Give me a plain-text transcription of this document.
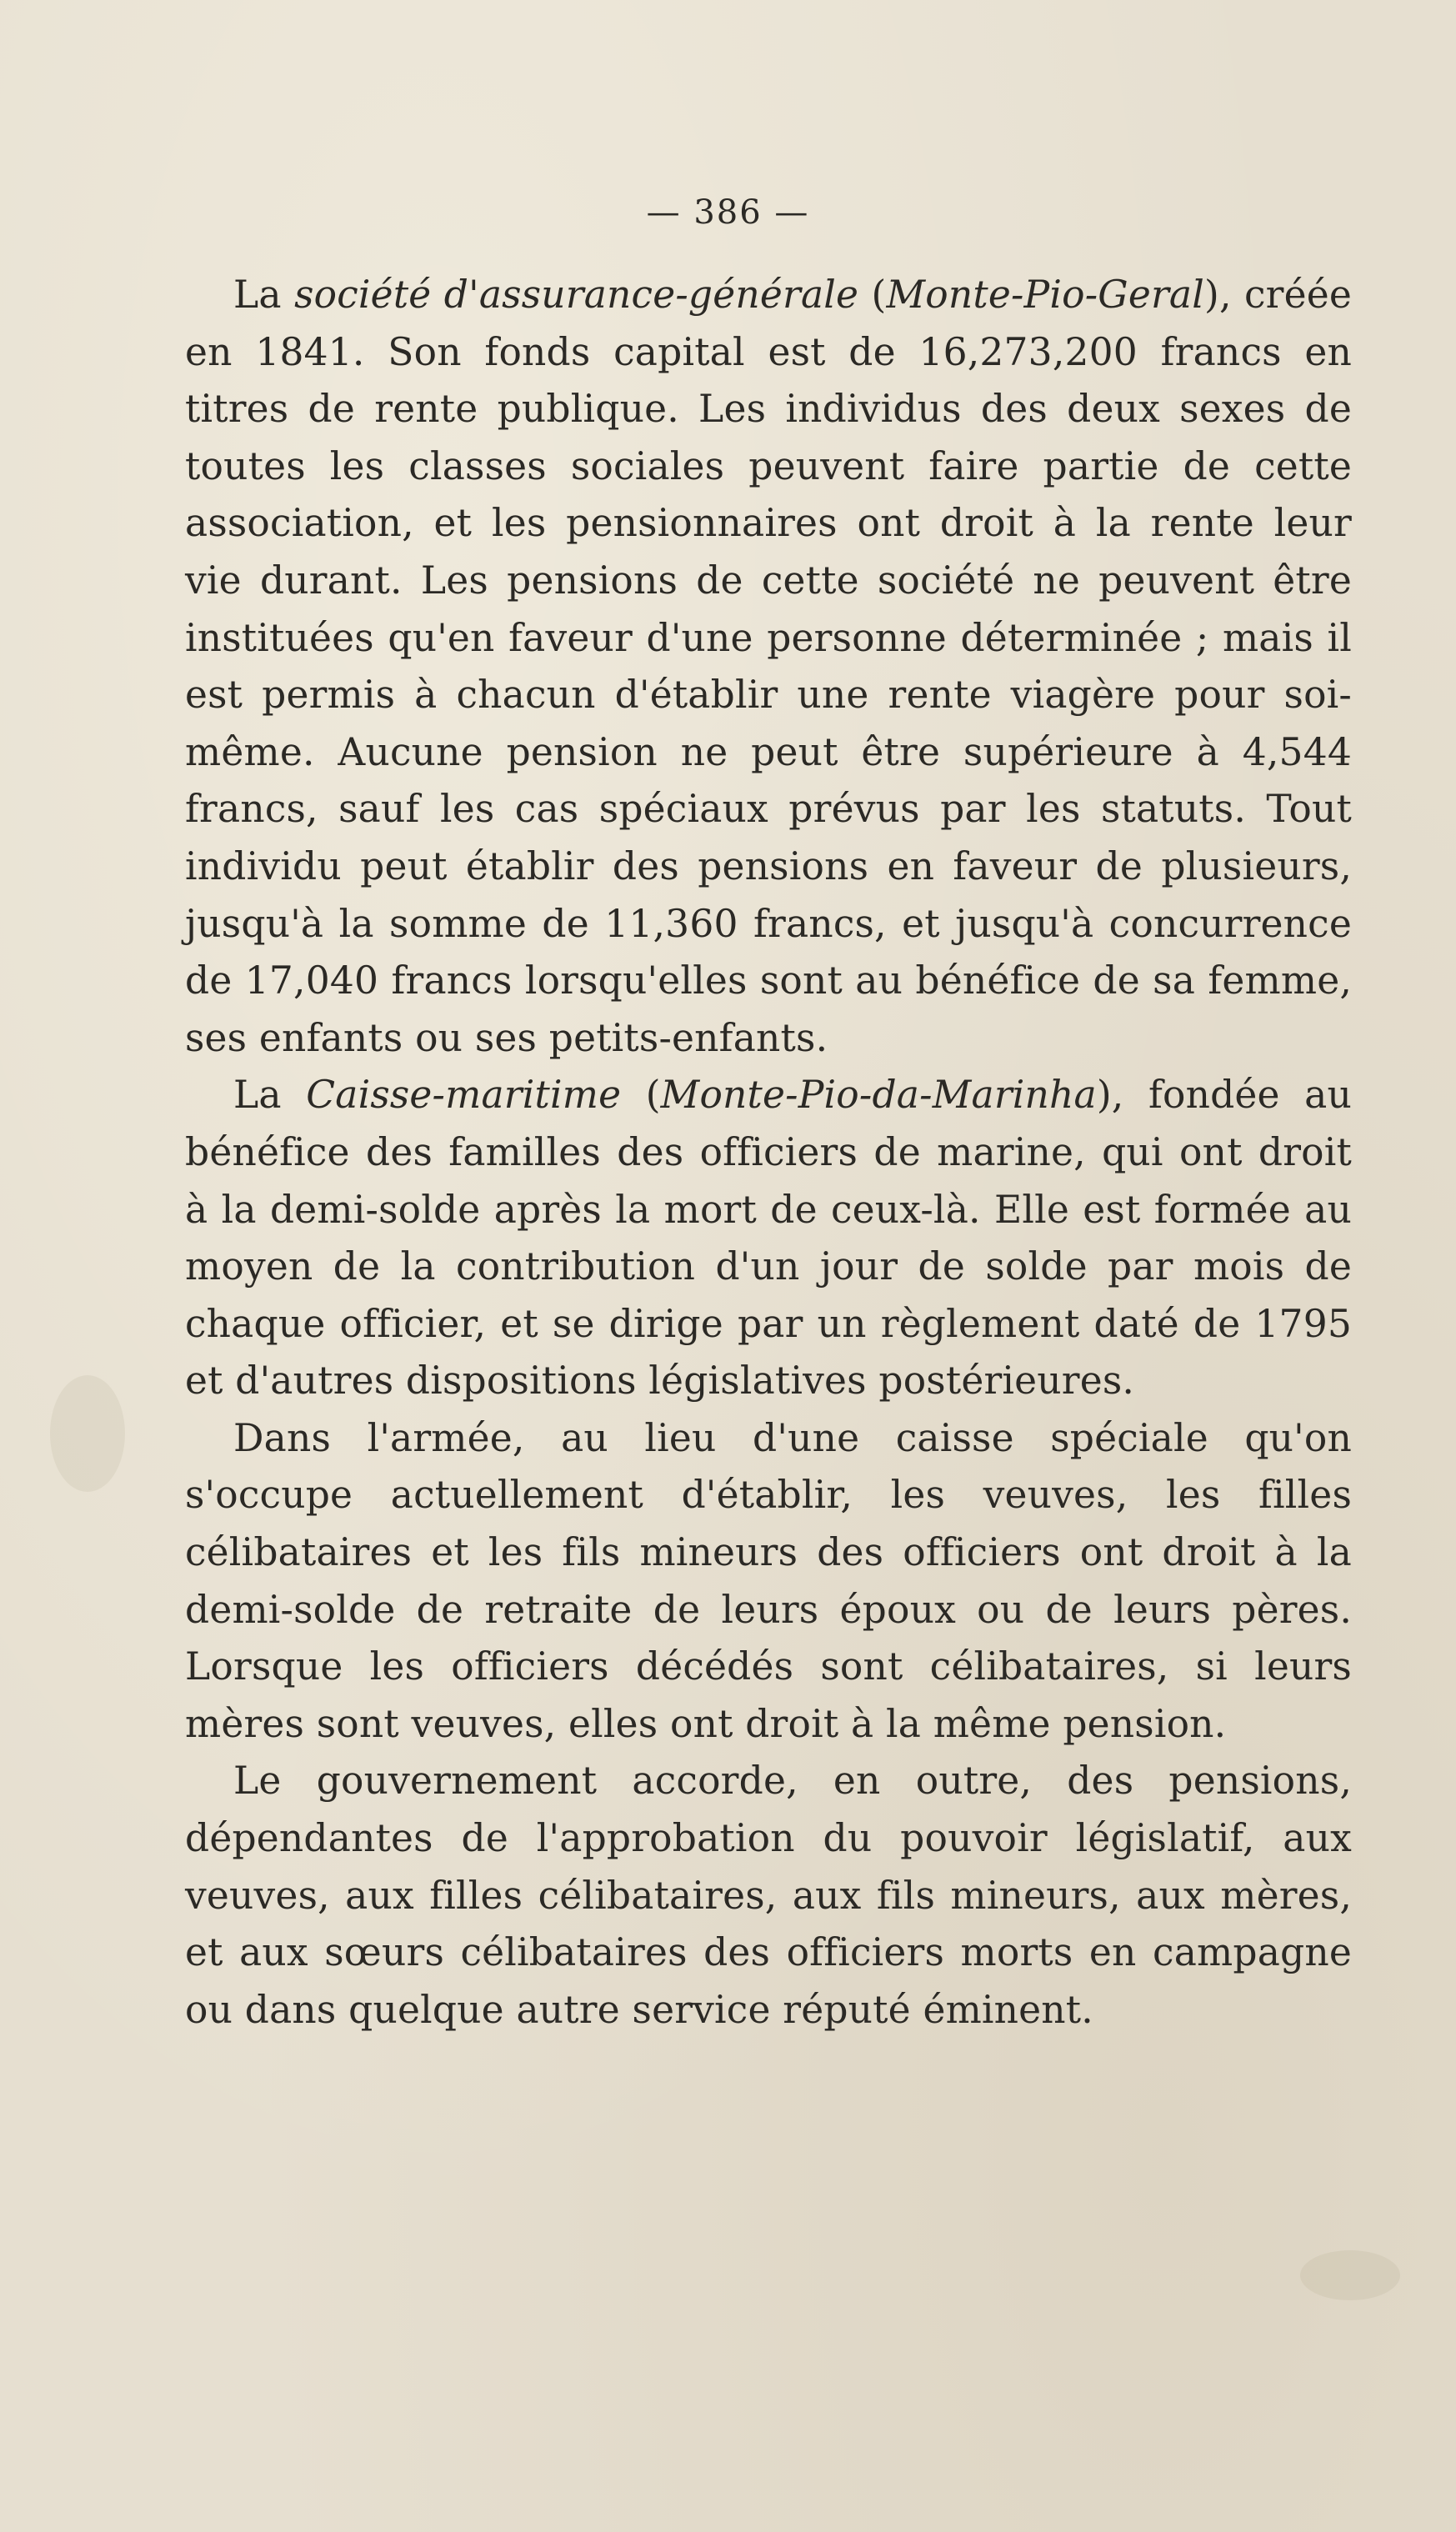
— 386 —

La société d'assurance-générale (Monte-Pio-Geral), créée en 1841. Son fonds capital est de 16,273,200 francs en titres de rente publique. Les individus des deux sexes de toutes les classes sociales peuvent faire partie de cette association, et les pensionnaires ont droit à la rente leur vie durant. Les pensions de cette société ne peuvent être instituées qu'en faveur d'une personne déterminée ; mais il est permis à chacun d'établir une rente viagère pour soi-même. Aucune pension ne peut être supérieure à 4,544 francs, sauf les cas spéciaux prévus par les statuts. Tout individu peut établir des pensions en faveur de plusieurs, jusqu'à la somme de 11,360 francs, et jusqu'à concurrence de 17,040 francs lorsqu'elles sont au bénéfice de sa femme, ses enfants ou ses petits-enfants.

La Caisse-maritime (Monte-Pio-da-Marinha), fondée au bénéfice des familles des officiers de marine, qui ont droit à la demi-solde après la mort de ceux-là. Elle est formée au moyen de la contribution d'un jour de solde par mois de chaque officier, et se dirige par un règlement daté de 1795 et d'autres dispositions législatives postérieures.

Dans l'armée, au lieu d'une caisse spéciale qu'on s'occupe actuellement d'établir, les veuves, les filles célibataires et les fils mineurs des officiers ont droit à la demi-solde de retraite de leurs époux ou de leurs pères. Lorsque les officiers décédés sont célibataires, si leurs mères sont veuves, elles ont droit à la même pension.

Le gouvernement accorde, en outre, des pensions, dépendantes de l'approbation du pouvoir législatif, aux veuves, aux filles célibataires, aux fils mineurs, aux mères, et aux sœurs célibataires des officiers morts en campagne ou dans quelque autre service réputé éminent.
